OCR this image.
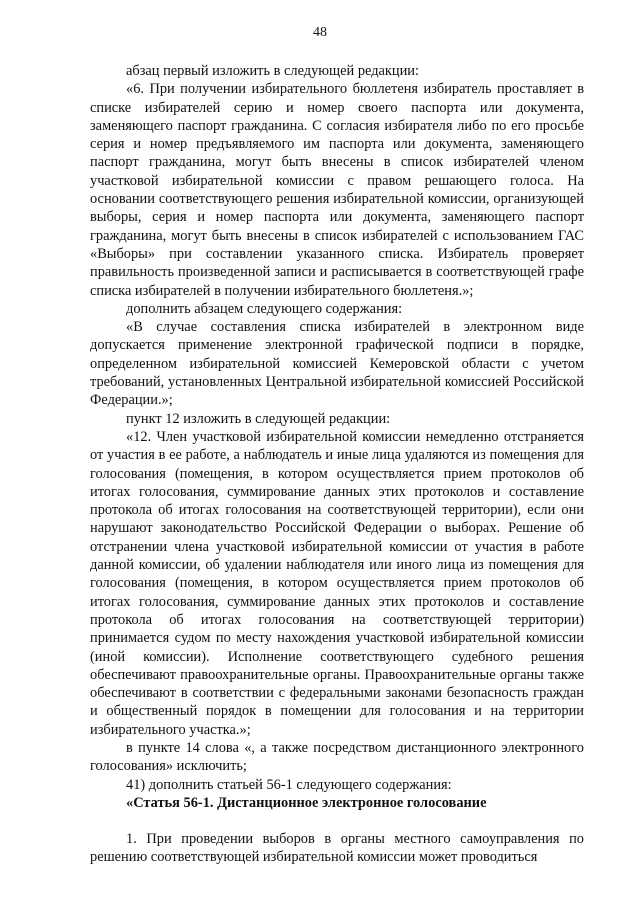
48

абзац первый изложить в следующей редакции:

«6. При получении избирательного бюллетеня избиратель проставляет в списке избирателей серию и номер своего паспорта или документа, заменяющего паспорт гражданина. С согласия избирателя либо по его просьбе серия и номер предъявляемого им паспорта или документа, заменяющего паспорт гражданина, могут быть внесены в список избирателей членом участковой избирательной комиссии с правом решающего голоса. На основании соответствующего решения избирательной комиссии, организующей выборы, серия и номер паспорта или документа, заменяющего паспорт гражданина, могут быть внесены в список избирателей с использованием ГАС «Выборы» при составлении указанного списка. Избиратель проверяет правильность произведенной записи и расписывается в соответствующей графе списка избирателей в получении избирательного бюллетеня.»;

дополнить абзацем следующего содержания:

«В случае составления списка избирателей в электронном виде допускается применение электронной графической подписи в порядке, определенном избирательной комиссией Кемеровской области с учетом требований, установленных Центральной избирательной комиссией Российской Федерации.»;

пункт 12 изложить в следующей редакции:

«12. Член участковой избирательной комиссии немедленно отстраняется от участия в ее работе, а наблюдатель и иные лица удаляются из помещения для голосования (помещения, в котором осуществляется прием протоколов об итогах голосования, суммирование данных этих протоколов и составление протокола об итогах голосования на соответствующей территории), если они нарушают законодательство Российской Федерации о выборах. Решение об отстранении члена участковой избирательной комиссии от участия в работе данной комиссии, об удалении наблюдателя или иного лица из помещения для голосования (помещения, в котором осуществляется прием протоколов об итогах голосования, суммирование данных этих протоколов и составление протокола об итогах голосования на соответствующей территории) принимается судом по месту нахождения участковой избирательной комиссии (иной комиссии). Исполнение соответствующего судебного решения обеспечивают правоохранительные органы. Правоохранительные органы также обеспечивают в соответствии с федеральными законами безопасность граждан и общественный порядок в помещении для голосования и на территории избирательного участка.»;

в пункте 14 слова «, а также посредством дистанционного электронного голосования» исключить;

41) дополнить статьей 56-1 следующего содержания:

«Статья 56-1. Дистанционное электронное голосование

1. При проведении выборов в органы местного самоуправления по решению соответствующей избирательной комиссии может проводиться
